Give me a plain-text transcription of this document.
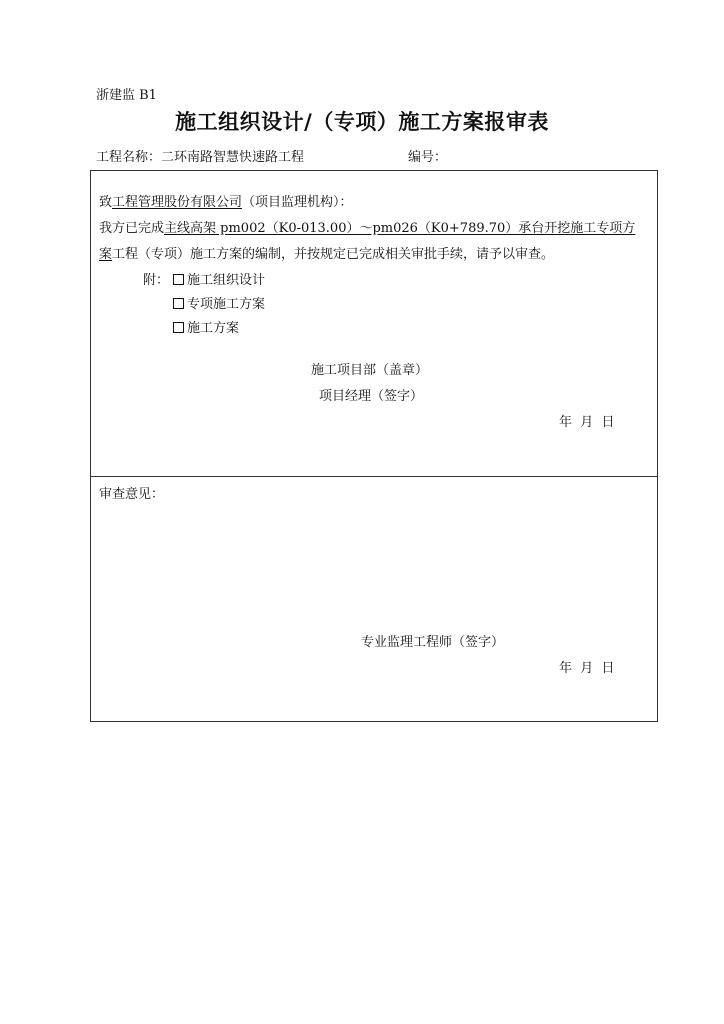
浙建监 B1
施工组织设计/（专项）施工方案报审表
工程名称：二环南路智慧快速路工程	编号：
致工程管理股份有限公司（项目监理机构）：
我方已完成主线高架 pm002（K0-013.00）～pm026（K0+789.70）承台开挖施工专项方
案工程（专项）施工方案的编制，并按规定已完成相关审批手续，请予以审查。
附：	施工组织设计
专项施工方案
施工方案
施工项目部（盖章）
项目经理（签字）
年  月  日
审查意见：
专业监理工程师（签字）
年  月  日
